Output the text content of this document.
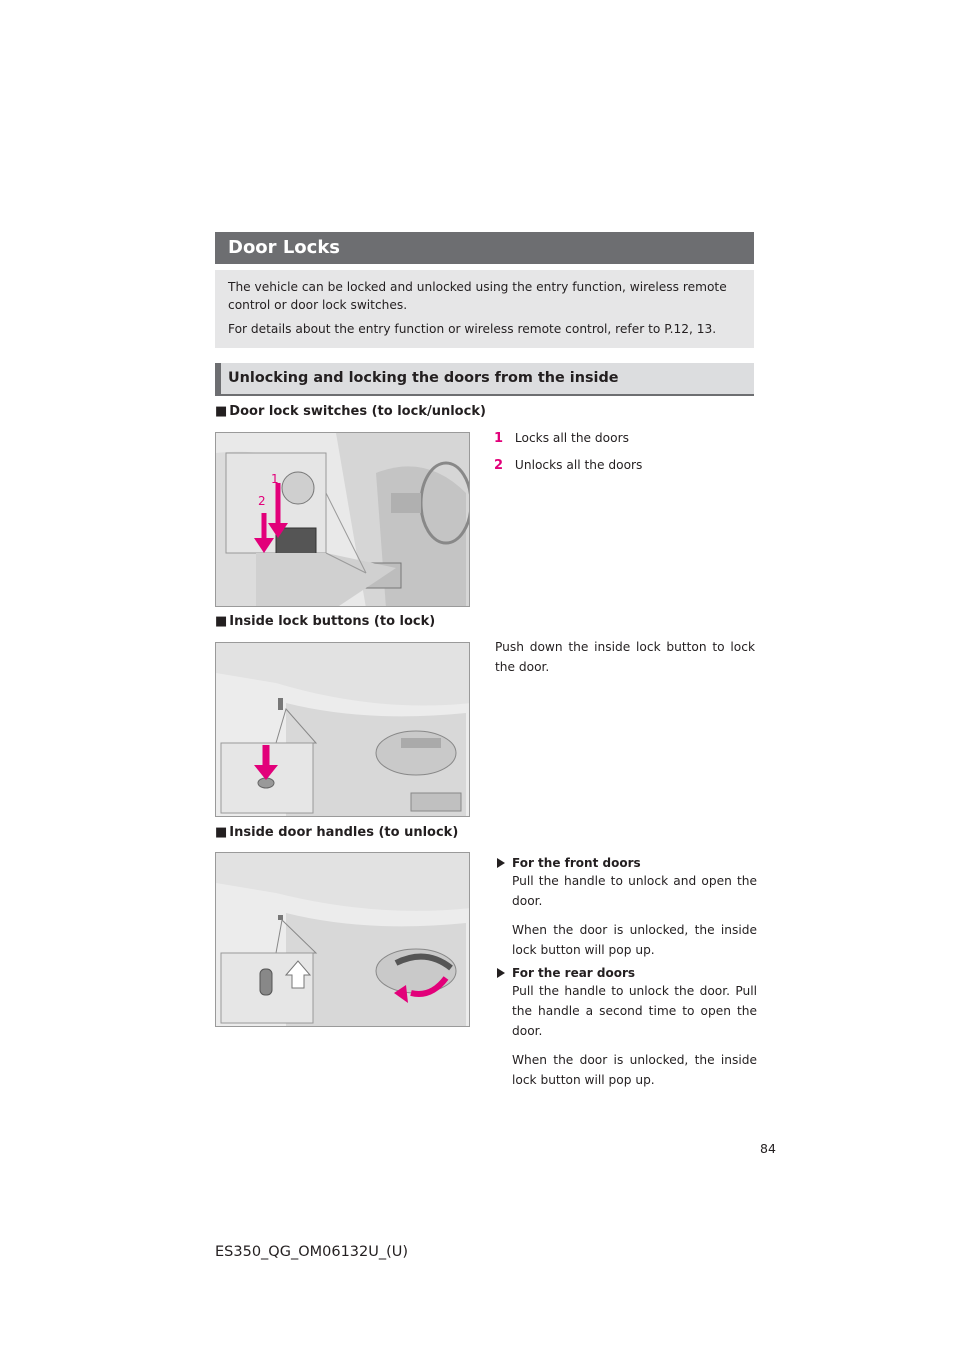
Door Locks

The vehicle can be locked and unlocked using the entry function, wireless remote control or door lock switches.

For details about the entry function or wireless remote control, refer to P.12, 13.

Unlocking and locking the doors from the inside
■ Door lock switches (to lock/unlock)
1
2
1 Locks all the doors
2 Unlocks all the doors
■ Inside lock buttons (to lock)
Push down the inside lock button to lock the door.
■ Inside door handles (to unlock)
For the front doors
Pull the handle to unlock and open the door.
When the door is unlocked, the inside lock button will pop up.
For the rear doors
Pull the handle to unlock the door. Pull the handle a second time to open the door.
When the door is unlocked, the inside lock button will pop up.
84
ES350_QG_OM06132U_(U)
